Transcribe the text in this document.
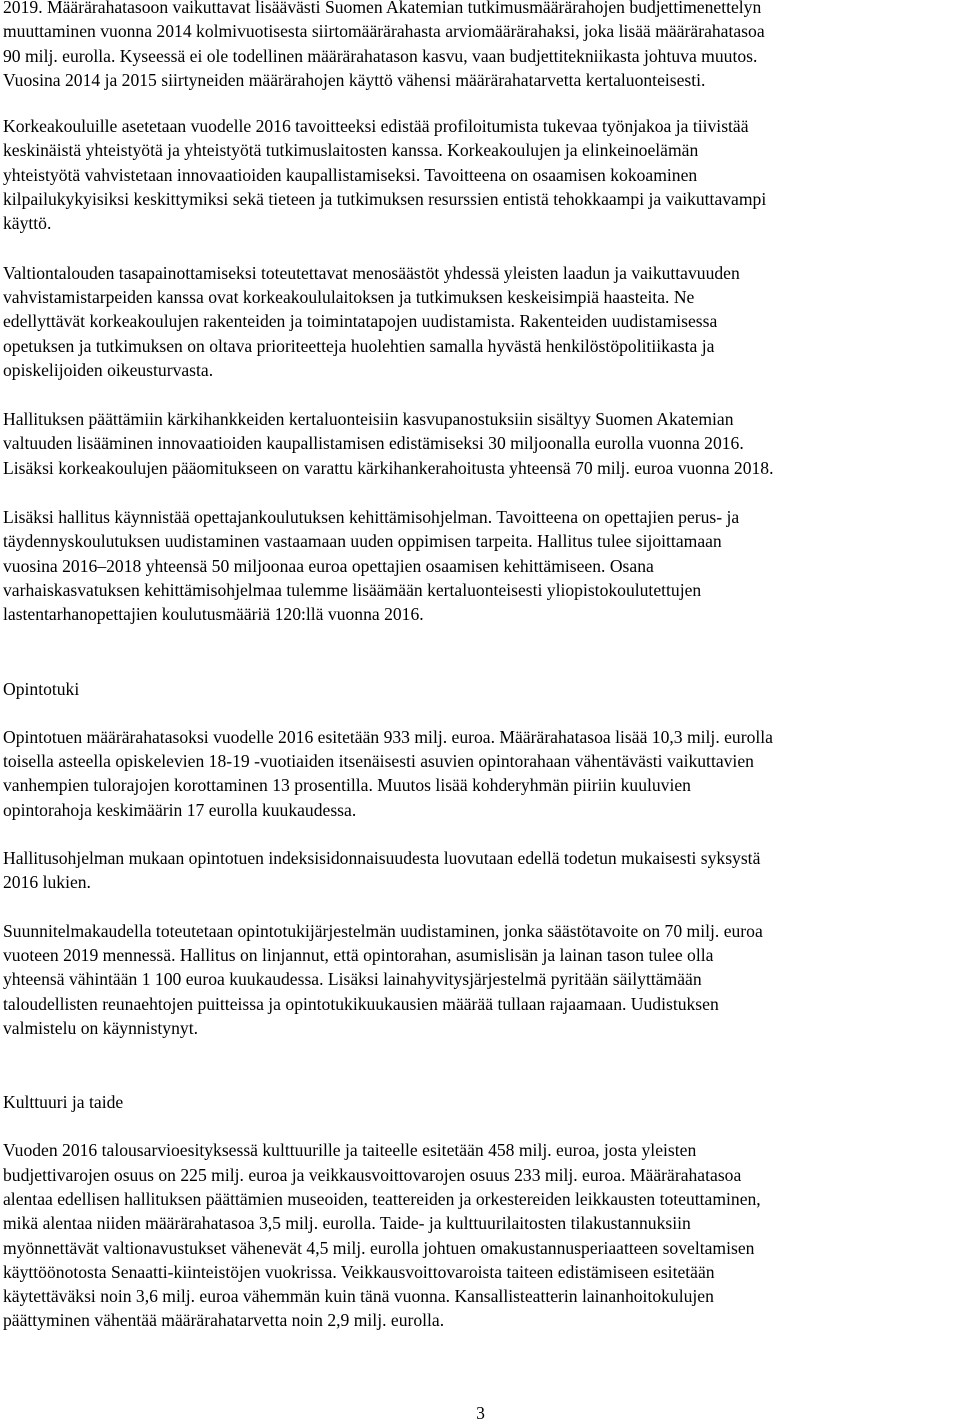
2019. Määrärahatasoon vaikuttavat lisäävästi Suomen Akatemian tutkimusmäärärahojen budjettimenettelyn
muuttaminen vuonna 2014 kolmivuotisesta siirtomäärärahasta arviomäärärahaksi, joka lisää määrärahatasoa
90 milj. eurolla. Kyseessä ei ole todellinen määrärahatason kasvu, vaan budjettitekniikasta johtuva muutos.
Vuosina 2014 ja 2015 siirtyneiden määrärahojen käyttö vähensi määrärahatarvetta kertaluonteisesti.

Korkeakouluille asetetaan vuodelle 2016 tavoitteeksi edistää profiloitumista tukevaa työnjakoa ja tiivistää
keskinäistä yhteistyötä ja yhteistyötä tutkimuslaitosten kanssa. Korkeakoulujen ja elinkeinoelämän
yhteistyötä vahvistetaan innovaatioiden kaupallistamiseksi. Tavoitteena on osaamisen kokoaminen
kilpailukykyisiksi keskittymiksi sekä tieteen ja tutkimuksen resurssien entistä tehokkaampi ja vaikuttavampi
käyttö.

Valtiontalouden tasapainottamiseksi toteutettavat menosäästöt yhdessä yleisten laadun ja vaikuttavuuden
vahvistamistarpeiden kanssa ovat korkeakoululaitoksen ja tutkimuksen keskeisimpiä haasteita. Ne
edellyttävät korkeakoulujen rakenteiden ja toimintatapojen uudistamista. Rakenteiden uudistamisessa
opetuksen ja tutkimuksen on oltava prioriteetteja huolehtien samalla hyvästä henkilöstöpolitiikasta ja
opiskelijoiden oikeusturvasta.

Hallituksen päättämiin kärkihankkeiden kertaluonteisiin kasvupanostuksiin sisältyy Suomen Akatemian
valtuuden lisääminen innovaatioiden kaupallistamisen edistämiseksi 30 miljoonalla eurolla vuonna 2016.
Lisäksi korkeakoulujen pääomitukseen on varattu kärkihankerahoitusta yhteensä 70 milj. euroa vuonna 2018.

Lisäksi hallitus käynnistää opettajankoulutuksen kehittämisohjelman. Tavoitteena on opettajien perus- ja
täydennyskoulutuksen uudistaminen vastaamaan uuden oppimisen tarpeita. Hallitus tulee sijoittamaan
vuosina 2016–2018 yhteensä 50 miljoonaa euroa opettajien osaamisen kehittämiseen. Osana
varhaiskasvatuksen kehittämisohjelmaa tulemme lisäämään kertaluonteisesti yliopistokoulutettujen
lastentarhanopettajien koulutusmääriä 120:llä vuonna 2016.

Opintotuki

Opintotuen määrärahatasoksi vuodelle 2016 esitetään 933 milj. euroa. Määrärahatasoa lisää 10,3 milj. eurolla
toisella asteella opiskelevien 18-19 -vuotiaiden itsenäisesti asuvien opintorahaan vähentävästi vaikuttavien
vanhempien tulorajojen korottaminen 13 prosentilla. Muutos lisää kohderyhmän piiriin kuuluvien
opintorahoja keskimäärin 17 eurolla kuukaudessa.

Hallitusohjelman mukaan opintotuen indeksisidonnaisuudesta luovutaan edellä todetun mukaisesti syksystä
2016 lukien.

Suunnitelmakaudella toteutetaan opintotukijärjestelmän uudistaminen, jonka säästötavoite on 70 milj. euroa
vuoteen 2019 mennessä. Hallitus on linjannut, että opintorahan, asumislisän ja lainan tason tulee olla
yhteensä vähintään 1 100 euroa kuukaudessa. Lisäksi lainahyvitysjärjestelmä pyritään säilyttämään
taloudellisten reunaehtojen puitteissa ja opintotukikuukausien määrää tullaan rajaamaan. Uudistuksen
valmistelu on käynnistynyt.

Kulttuuri ja taide

Vuoden 2016 talousarvioesityksessä kulttuurille ja taiteelle esitetään 458 milj. euroa, josta yleisten
budjettivarojen osuus on 225 milj. euroa ja veikkausvoittovarojen osuus 233 milj. euroa. Määrärahatasoa
alentaa edellisen hallituksen päättämien museoiden, teattereiden ja orkestereiden leikkausten toteuttaminen,
mikä alentaa niiden määrärahatasoa 3,5 milj. eurolla. Taide- ja kulttuurilaitosten tilakustannuksiin
myönnettävät valtionavustukset vähenevät 4,5 milj. eurolla johtuen omakustannusperiaatteen soveltamisen
käyttöönotosta Senaatti-kiinteistöjen vuokrissa. Veikkausvoittovaroista taiteen edistämiseen esitetään
käytettäväksi noin 3,6 milj. euroa vähemmän kuin tänä vuonna. Kansallisteatterin lainanhoitokulujen
päättyminen vähentää määrärahatarvetta noin 2,9 milj. eurolla.

3
